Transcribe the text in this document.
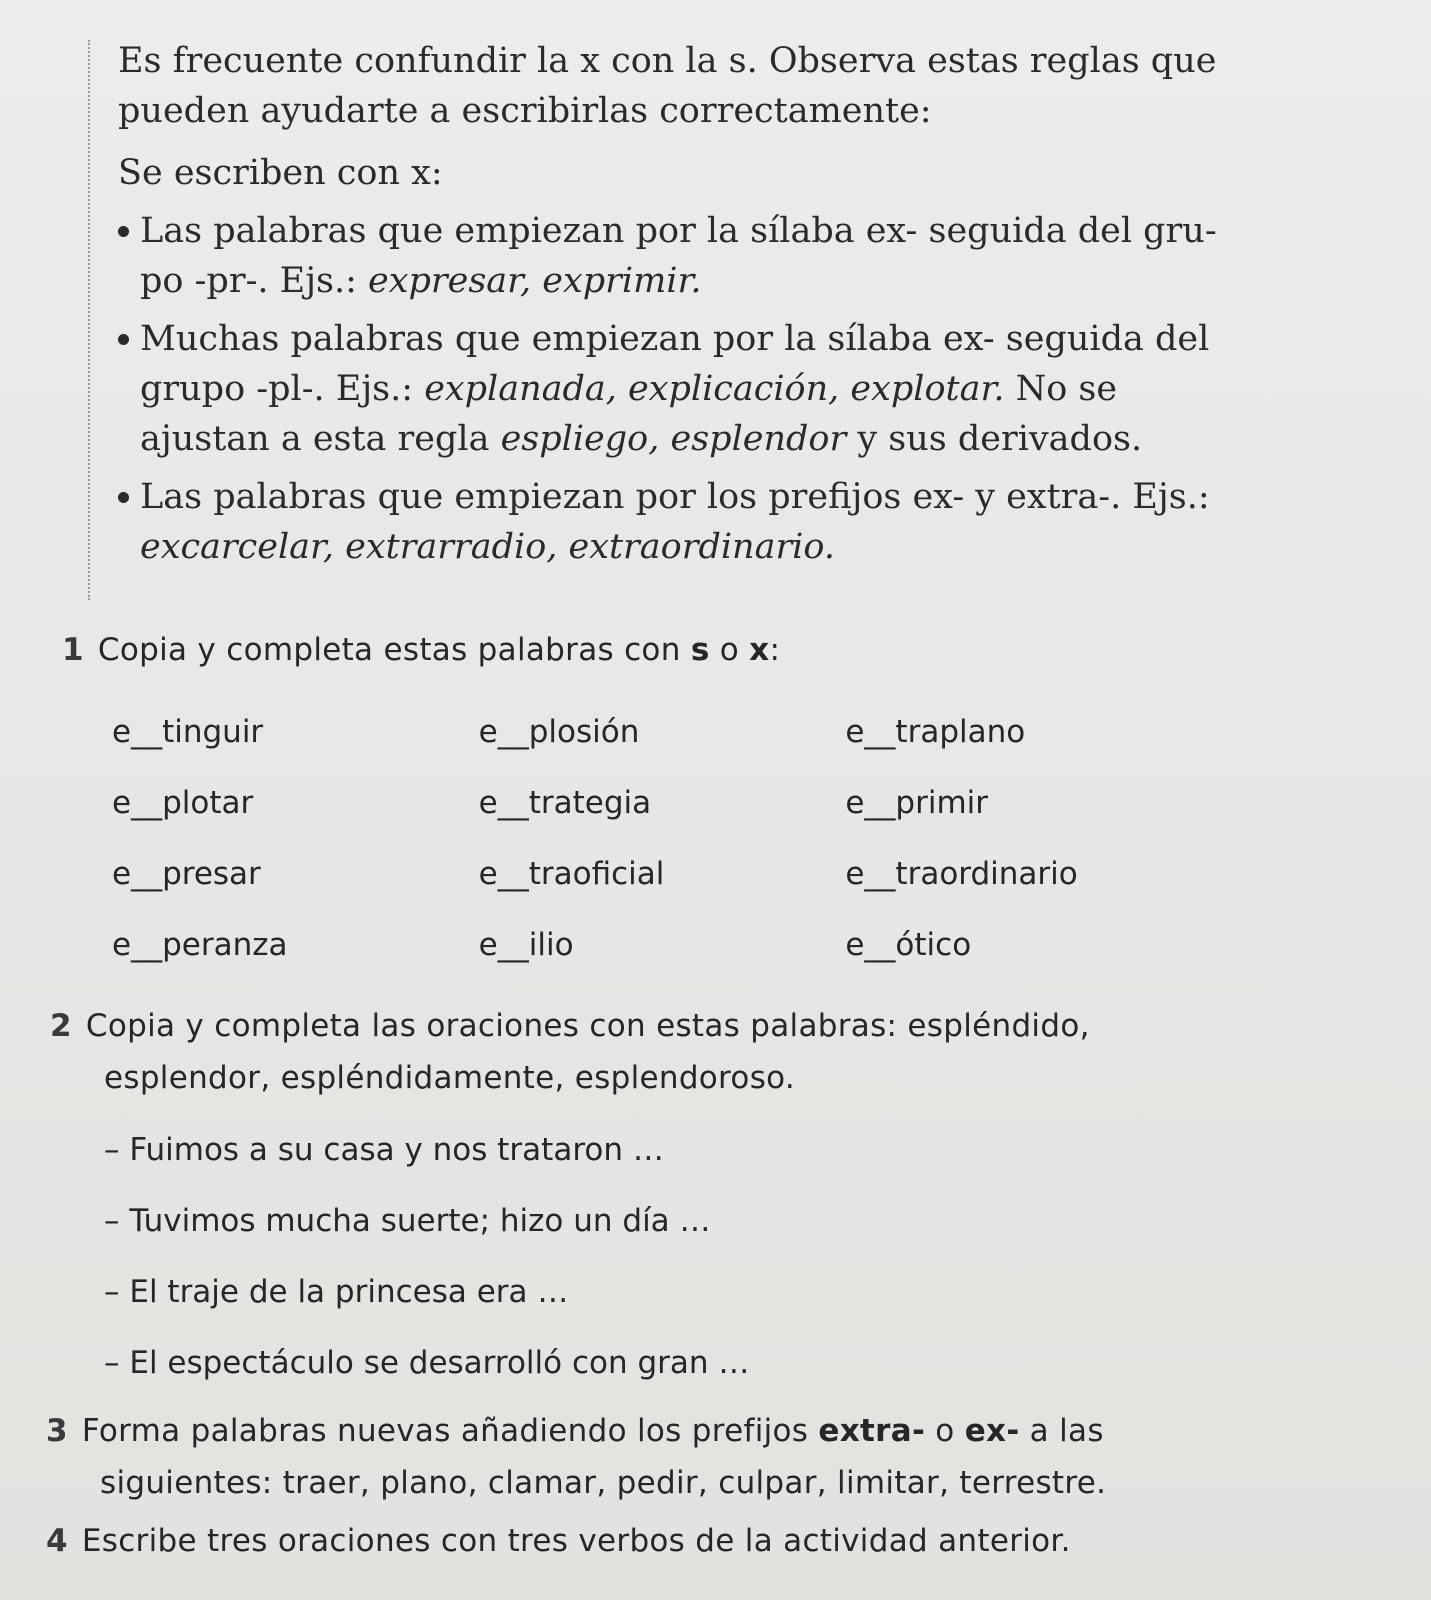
Es frecuente confundir la x con la s. Observa estas reglas que pueden ayudarte a escribirlas correctamente:

Se escriben con x:

Las palabras que empiezan por la sílaba ex- seguida del gru-po -pr-. Ejs.: expresar, exprimir.
Muchas palabras que empiezan por la sílaba ex- seguida del grupo -pl-. Ejs.: explanada, explicación, explotar. No se ajustan a esta regla espliego, esplendor y sus derivados.
Las palabras que empiezan por los prefijos ex- y extra-. Ejs.: excarcelar, extrarradio, extraordinario.
1 Copia y completa estas palabras con s o x:
e__tinguir	e__plosión	e__traplano
e__plotar	e__trategia	e__primir
e__presar	e__traoficial	e__traordinario
e__peranza	e__ilio	e__ótico
2 Copia y completa las oraciones con estas palabras: espléndido,
esplendor, espléndidamente, esplendoroso.
– Fuimos a su casa y nos trataron …
– Tuvimos mucha suerte; hizo un día …
– El traje de la princesa era …
– El espectáculo se desarrolló con gran …
3 Forma palabras nuevas añadiendo los prefijos extra- o ex- a las
siguientes: traer, plano, clamar, pedir, culpar, limitar, terrestre.
4 Escribe tres oraciones con tres verbos de la actividad anterior.
